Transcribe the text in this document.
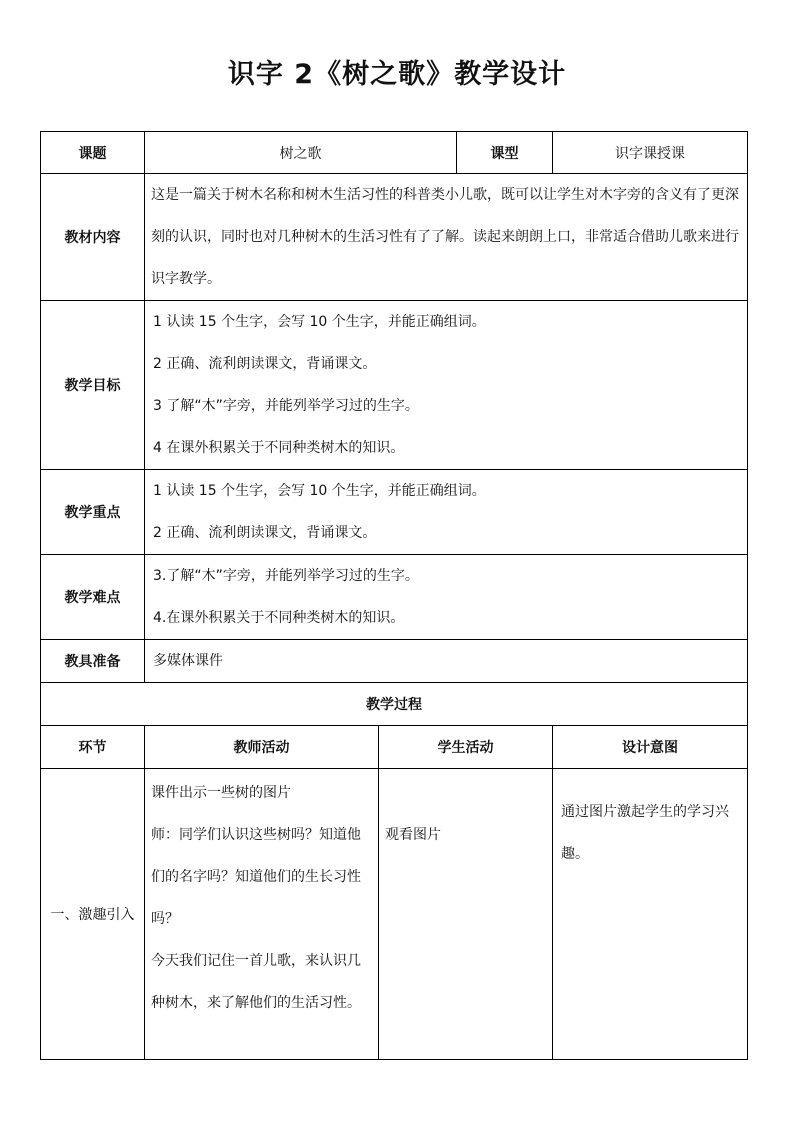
识字 2《树之歌》教学设计
课题	树之歌		课型	识字课授课
教材内容	这是一篇关于树木名称和树木生活习性的科普类小儿歌，既可以让学生对木字旁的含义有了更深刻的认识，同时也对几种树木的生活习性有了了解。读起来朗朗上口，非常适合借助儿歌来进行识字教学。			
教学目标	1 认读 15 个生字，会写 10 个生字，并能正确组词。

2 正确、流利朗读课文，背诵课文。

3 了解“木”字旁，并能列举学习过的生字。

4 在课外积累关于不同种类树木的知识。			

教学重点	1 认读 15 个生字，会写 10 个生字，并能正确组词。

2 正确、流利朗读课文，背诵课文。			

教学难点	3.了解“木”字旁，并能列举学习过的生字。

4.在课外积累关于不同种类树木的知识。			

教具准备	多媒体课件			
教学过程				
环节	教师活动	学生活动		设计意图
一、激趣引入	课件出示一些树的图片

师：同学们认识这些树吗？知道他们的名字吗？知道他们的生长习性吗？

今天我们记住一首儿歌，来认识几种树木，来了解他们的生活习性。	观看图片		通过图片激起学生的学习兴趣。
